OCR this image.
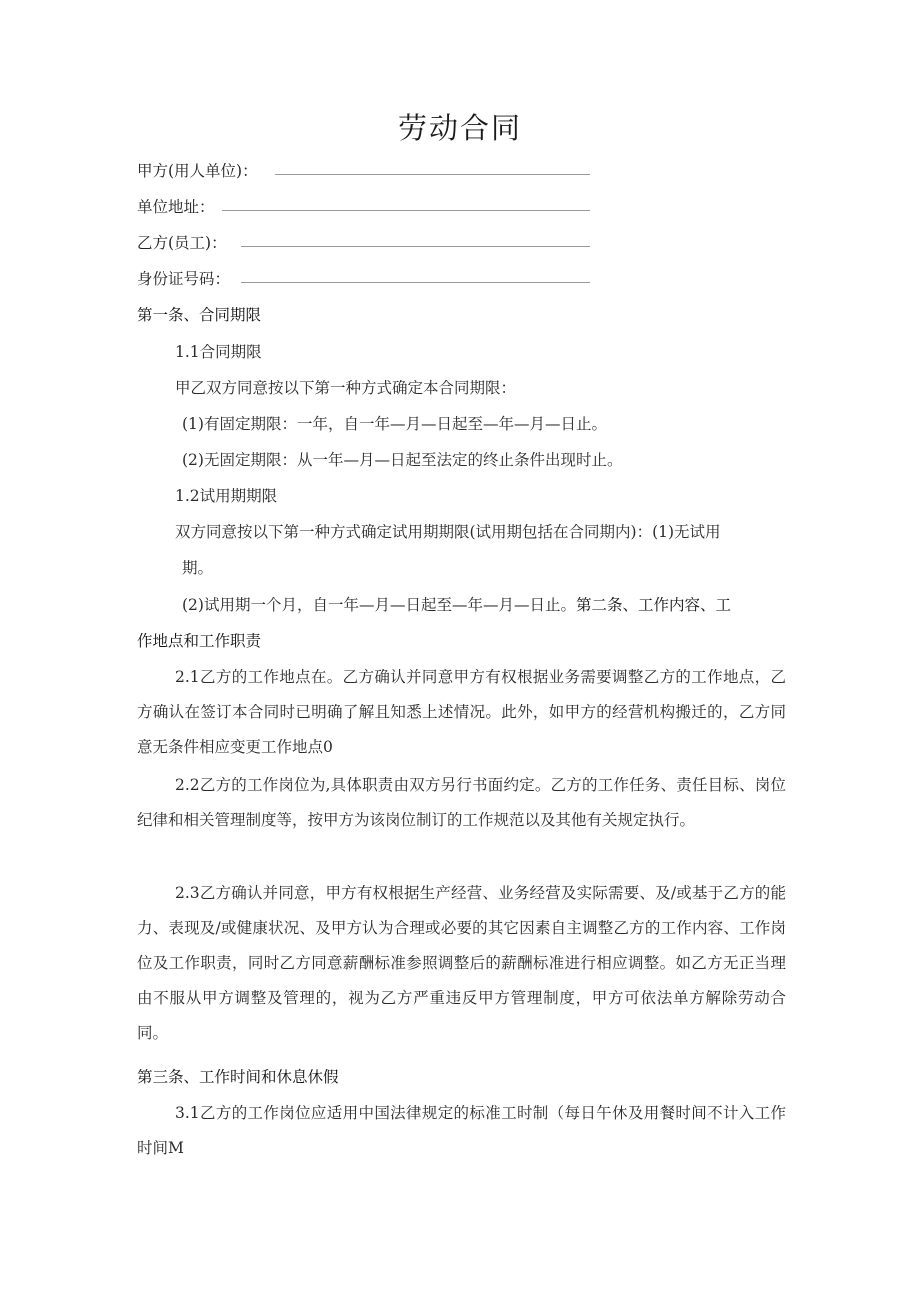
劳动合同
甲方(用人单位)：
单位地址：
乙方(员工)：
身份证号码：
第一条、合同期限
1.1合同期限
甲乙双方同意按以下第一种方式确定本合同期限：
(1)有固定期限：一年，自一年—月—日起至—年—月—日止。
(2)无固定期限：从一年—月—日起至法定的终止条件出现时止。
1.2试用期期限
双方同意按以下第一种方式确定试用期期限(试用期包括在合同期内)：(1)无试用
期。
(2)试用期一个月，自一年—月—日起至—年—月—日止。第二条、工作内容、工
作地点和工作职责
2.1乙方的工作地点在。乙方确认并同意甲方有权根据业务需要调整乙方的工作地点，乙方确认在签订本合同时已明确了解且知悉上述情况。此外，如甲方的经营机构搬迁的，乙方同意无条件相应变更工作地点0
2.2乙方的工作岗位为,具体职责由双方另行书面约定。乙方的工作任务、责任目标、岗位纪律和相关管理制度等，按甲方为该岗位制订的工作规范以及其他有关规定执行。
2.3乙方确认并同意，甲方有权根据生产经营、业务经营及实际需要、及/或基于乙方的能力、表现及/或健康状况、及甲方认为合理或必要的其它因素自主调整乙方的工作内容、工作岗位及工作职责，同时乙方同意薪酬标准参照调整后的薪酬标准进行相应调整。如乙方无正当理由不服从甲方调整及管理的，视为乙方严重违反甲方管理制度，甲方可依法单方解除劳动合同。
第三条、工作时间和休息休假
3.1乙方的工作岗位应适用中国法律规定的标准工时制（每日午休及用餐时间不计入工作时间M
